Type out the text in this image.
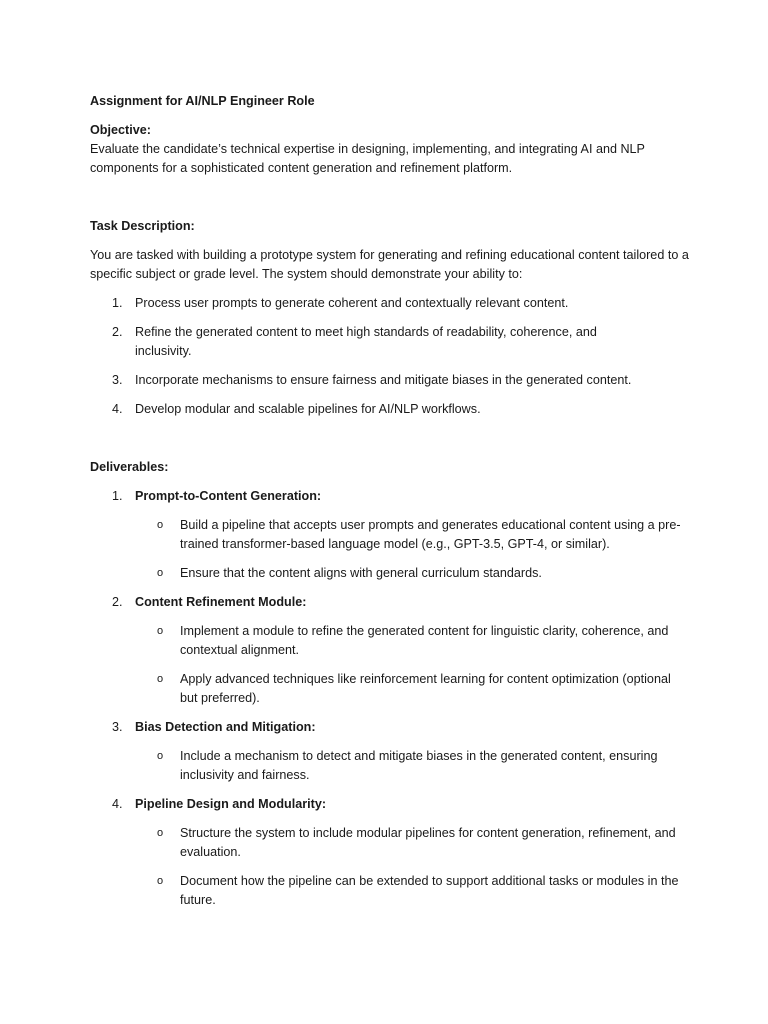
Assignment for AI/NLP Engineer Role

Objective:

Evaluate the candidate’s technical expertise in designing, implementing, and integrating AI and NLP components for a sophisticated content generation and refinement platform.

Task Description:

You are tasked with building a prototype system for generating and refining educational content tailored to a specific subject or grade level. The system should demonstrate your ability to:

1. Process user prompts to generate coherent and contextually relevant content.
2. Refine the generated content to meet high standards of readability, coherence, and inclusivity.
3. Incorporate mechanisms to ensure fairness and mitigate biases in the generated content.
4. Develop modular and scalable pipelines for AI/NLP workflows.

Deliverables:

1. Prompt-to-Content Generation:
o Build a pipeline that accepts user prompts and generates educational content using a pre-trained transformer-based language model (e.g., GPT-3.5, GPT-4, or similar).
o Ensure that the content aligns with general curriculum standards.
2. Content Refinement Module:
o Implement a module to refine the generated content for linguistic clarity, coherence, and contextual alignment.
o Apply advanced techniques like reinforcement learning for content optimization (optional but preferred).
3. Bias Detection and Mitigation:
o Include a mechanism to detect and mitigate biases in the generated content, ensuring inclusivity and fairness.
4. Pipeline Design and Modularity:
o Structure the system to include modular pipelines for content generation, refinement, and evaluation.
o Document how the pipeline can be extended to support additional tasks or modules in the future.
